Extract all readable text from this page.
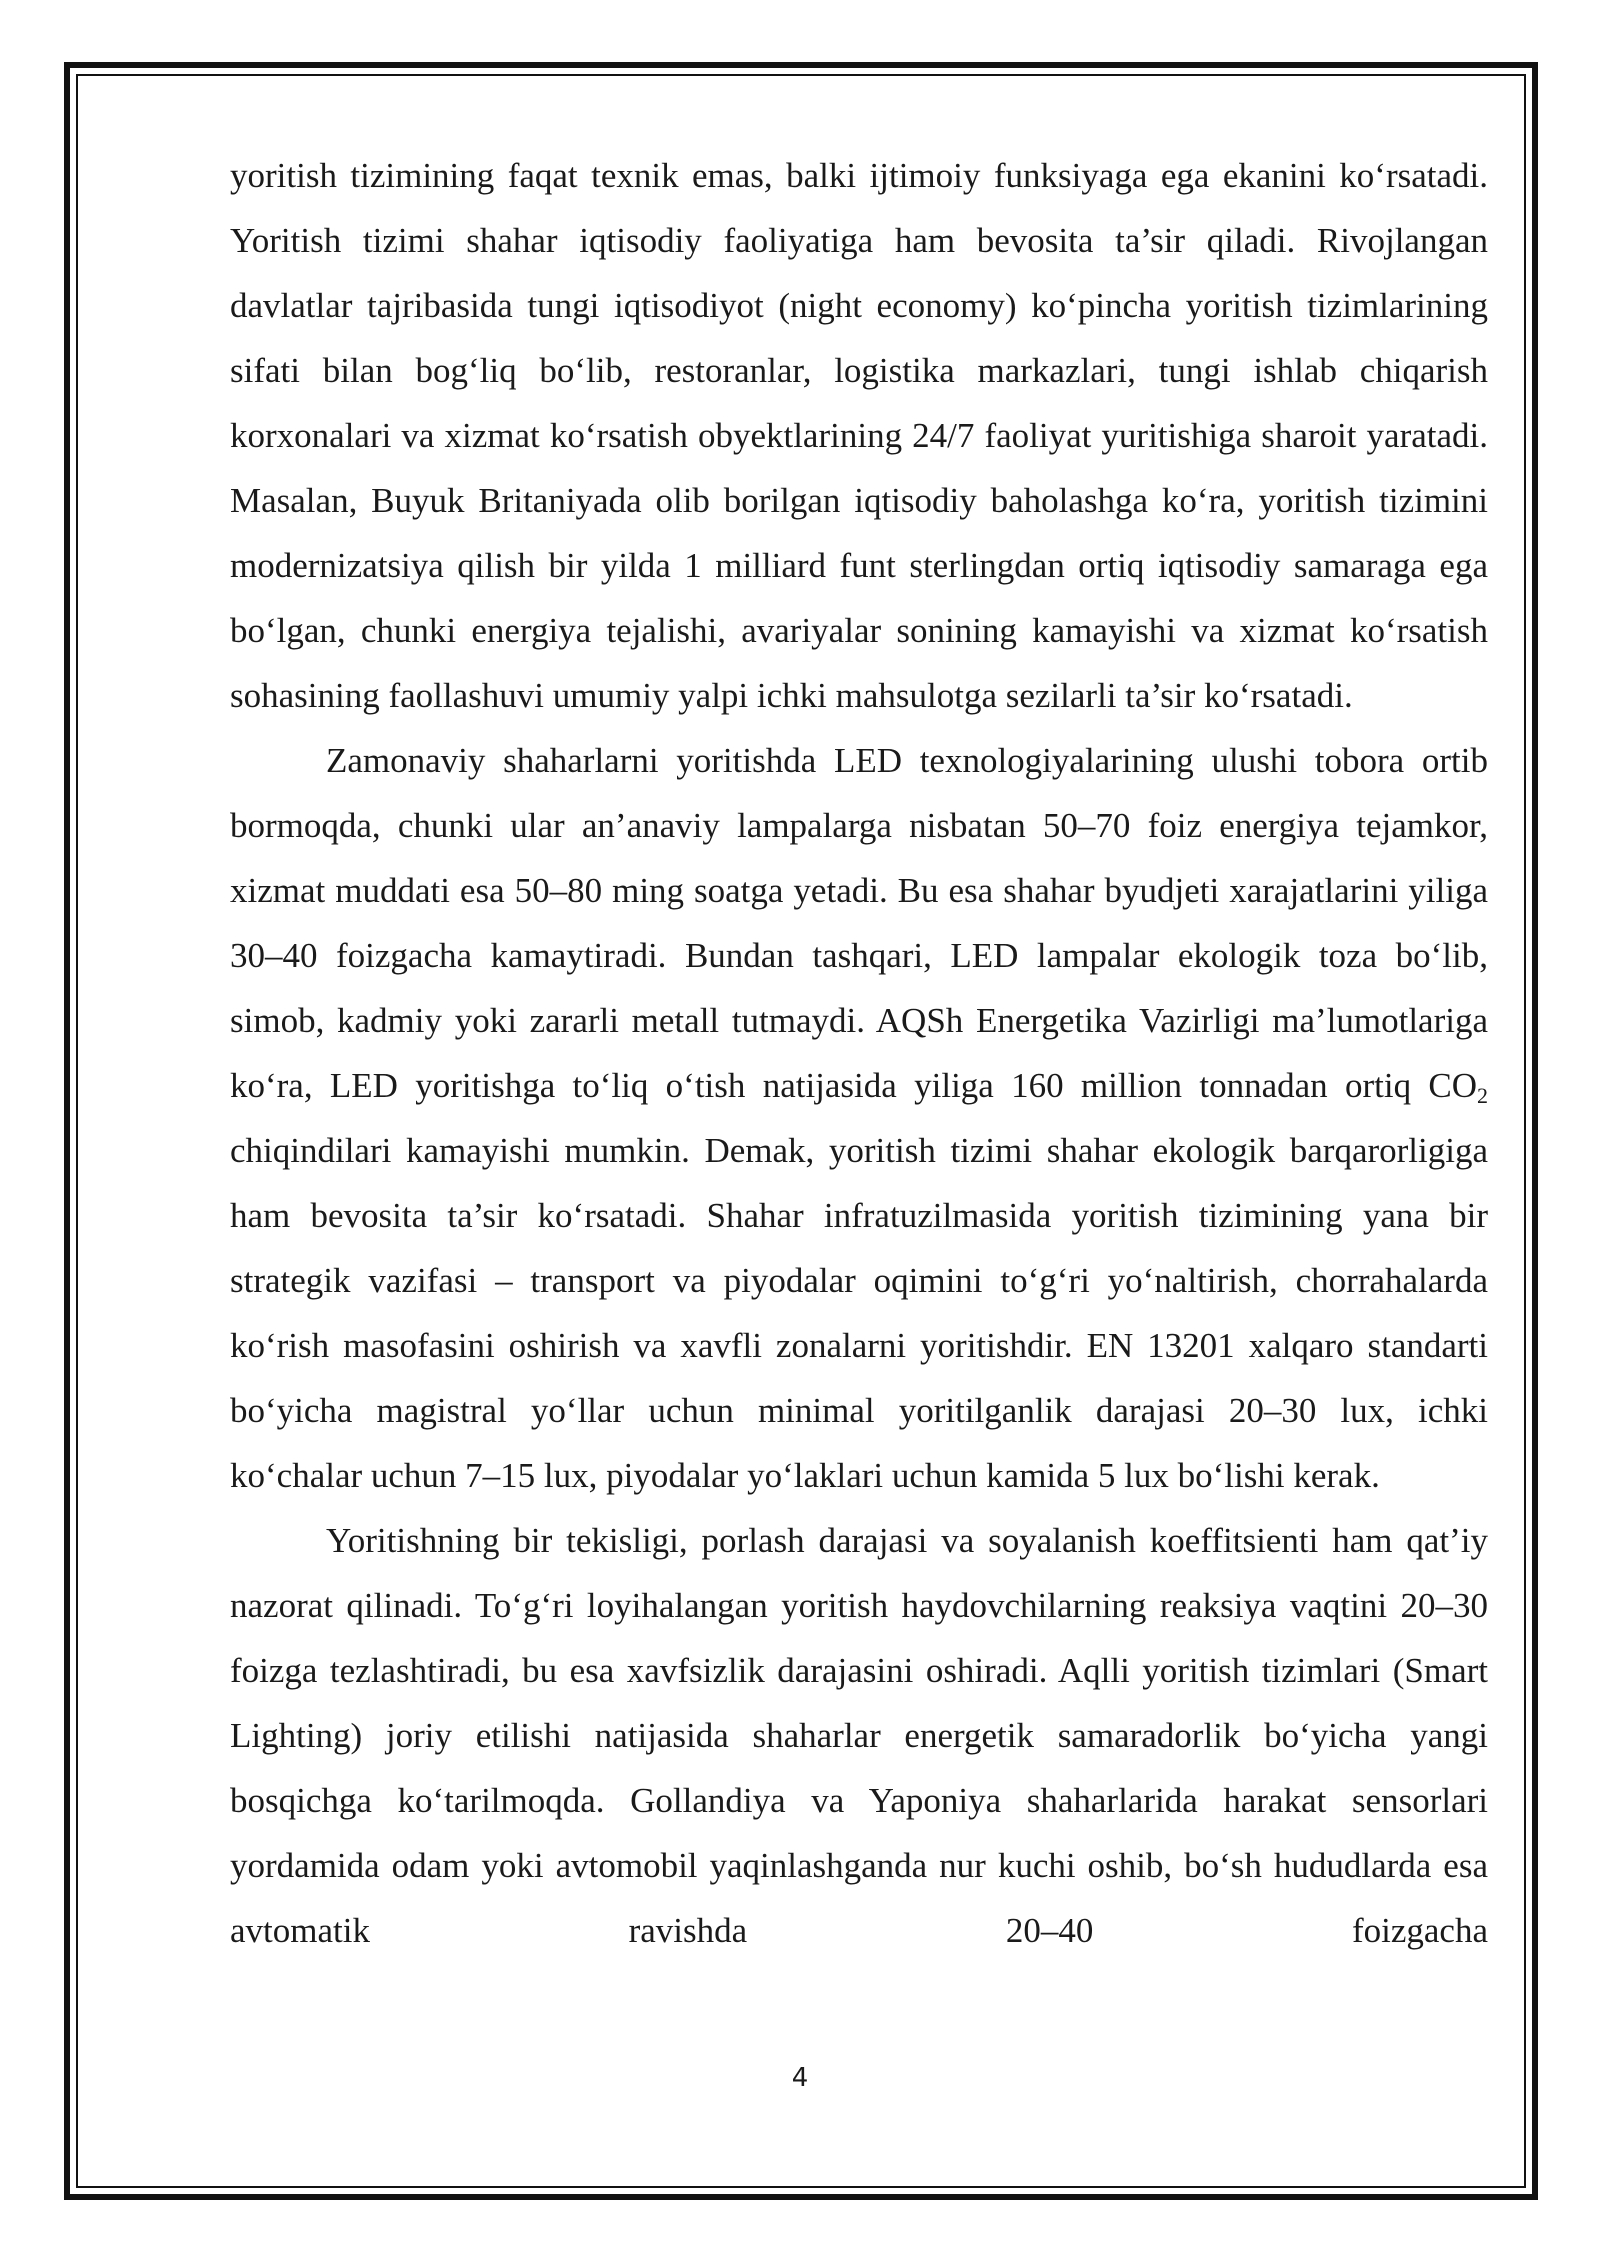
yoritish tizimining faqat texnik emas, balki ijtimoiy funksiyaga ega ekanini ko‘rsatadi. Yoritish tizimi shahar iqtisodiy faoliyatiga ham bevosita ta’sir qiladi. Rivojlangan davlatlar tajribasida tungi iqtisodiyot (night economy) ko‘pincha yoritish tizimlarining sifati bilan bog‘liq bo‘lib, restoranlar, logistika markazlari, tungi ishlab chiqarish korxonalari va xizmat ko‘rsatish obyektlarining 24/7 faoliyat yuritishiga sharoit yaratadi. Masalan, Buyuk Britaniyada olib borilgan iqtisodiy baholashga ko‘ra, yoritish tizimini modernizatsiya qilish bir yilda 1 milliard funt sterlingdan ortiq iqtisodiy samaraga ega bo‘lgan, chunki energiya tejalishi, avariyalar sonining kamayishi va xizmat ko‘rsatish sohasining faollashuvi umumiy yalpi ichki mahsulotga sezilarli ta’sir ko‘rsatadi.

Zamonaviy shaharlarni yoritishda LED texnologiyalarining ulushi tobora ortib bormoqda, chunki ular an’anaviy lampalarga nisbatan 50–70 foiz energiya tejamkor, xizmat muddati esa 50–80 ming soatga yetadi. Bu esa shahar byudjeti xarajatlarini yiliga 30–40 foizgacha kamaytiradi. Bundan tashqari, LED lampalar ekologik toza bo‘lib, simob, kadmiy yoki zararli metall tutmaydi. AQSh Energetika Vazirligi ma’lumotlariga ko‘ra, LED yoritishga to‘liq o‘tish natijasida yiliga 160 million tonnadan ortiq $CO_2$ chiqindilari kamayishi mumkin. Demak, yoritish tizimi shahar ekologik barqarorligiga ham bevosita ta’sir ko‘rsatadi. Shahar infratuzilmasida yoritish tizimining yana bir strategik vazifasi – transport va piyodalar oqimini to‘g‘ri yo‘naltirish, chorrahalarda ko‘rish masofasini oshirish va xavfli zonalarni yoritishdir. EN 13201 xalqaro standarti bo‘yicha magistral yo‘llar uchun minimal yoritilganlik darajasi 20–30 lux, ichki ko‘chalar uchun 7–15 lux, piyodalar yo‘laklari uchun kamida 5 lux bo‘lishi kerak.

Yoritishning bir tekisligi, porlash darajasi va soyalanish koeffitsienti ham qat’iy nazorat qilinadi. To‘g‘ri loyihalangan yoritish haydovchilarning reaksiya vaqtini 20–30 foizga tezlashtiradi, bu esa xavfsizlik darajasini oshiradi. Aqlli yoritish tizimlari (Smart Lighting) joriy etilishi natijasida shaharlar energetik samaradorlik bo‘yicha yangi bosqichga ko‘tarilmoqda. Gollandiya va Yaponiya shaharlarida harakat sensorlari yordamida odam yoki avtomobil yaqinlashganda nur kuchi oshib, bo‘sh hududlarda esa avtomatik ravishda 20–40 foizgacha

4
